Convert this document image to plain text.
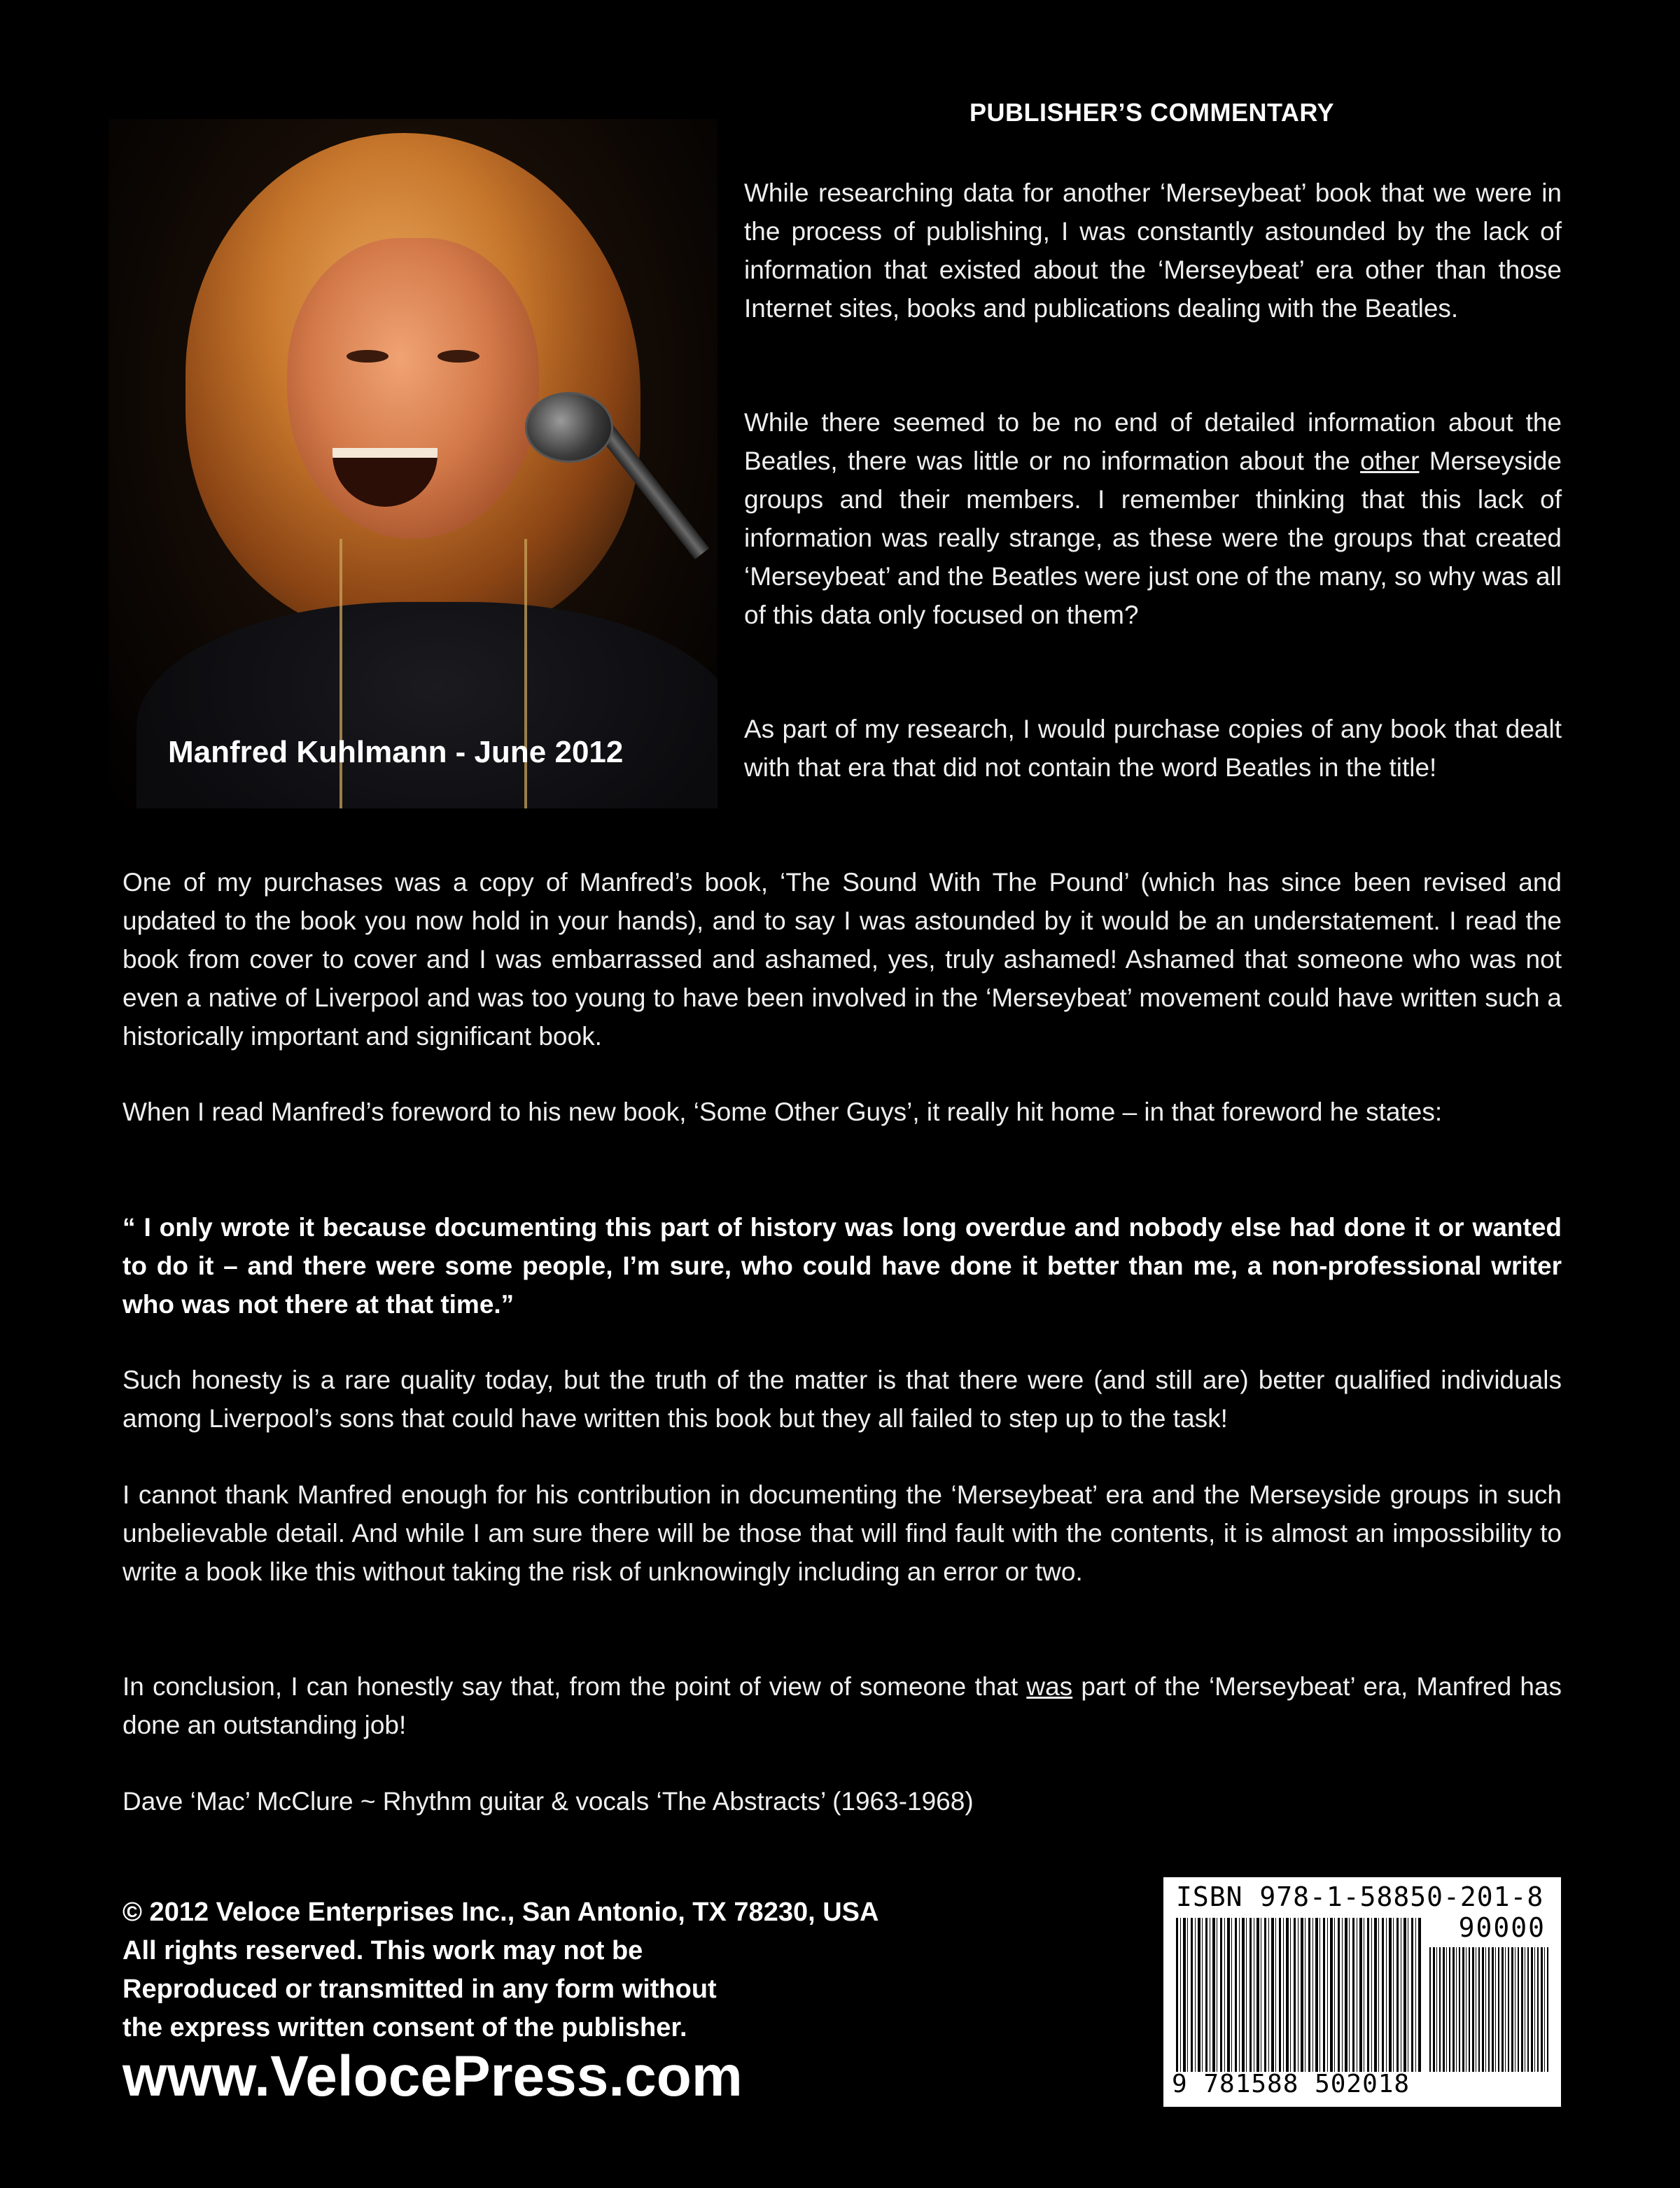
Manfred Kuhlmann - June 2012
PUBLISHER’S COMMENTARY

While researching data for another ‘Merseybeat’ book that we were in the process of publishing, I was constantly astounded by the lack of information that existed about the ‘Merseybeat’ era other than those Internet sites, books and publications dealing with the Beatles.

While there seemed to be no end of detailed information about the Beatles, there was little or no information about the other Merseyside groups and their members. I remember thinking that this lack of information was really strange, as these were the groups that created ‘Merseybeat’ and the Beatles were just one of the many, so why was all of this data only focused on them?

As part of my research, I would purchase copies of any book that dealt with that era that did not contain the word Beatles in the title!

One of my purchases was a copy of Manfred’s book, ‘The Sound With The Pound’ (which has since been revised and updated to the book you now hold in your hands), and to say I was astounded by it would be an understatement. I read the book from cover to cover and I was embarrassed and ashamed, yes, truly ashamed! Ashamed that someone who was not even a native of Liverpool and was too young to have been involved in the ‘Merseybeat’ movement could have written such a historically important and significant book.

When I read Manfred’s foreword to his new book, ‘Some Other Guys’, it really hit home – in that foreword he states:

“ I only wrote it because documenting this part of history was long overdue and nobody else had done it or wanted to do it – and there were some people, I’m sure, who could have done it better than me, a non-professional writer who was not there at that time.”

Such honesty is a rare quality today, but the truth of the matter is that there were (and still are) better qualified individuals among Liverpool’s sons that could have written this book but they all failed to step up to the task!

I cannot thank Manfred enough for his contribution in documenting the ‘Merseybeat’ era and the Merseyside groups in such unbelievable detail. And while I am sure there will be those that will find fault with the contents, it is almost an impossibility to write a book like this without taking the risk of unknowingly including an error or two.

In conclusion, I can honestly say that, from the point of view of someone that was part of the ‘Merseybeat’ era, Manfred has done an outstanding job!

Dave ‘Mac’ McClure ~ Rhythm guitar & vocals ‘The Abstracts’ (1963-1968)

© 2012 Veloce Enterprises Inc., San Antonio, TX 78230, USA
All rights reserved. This work may not be
Reproduced or transmitted in any form without
the express written consent of the publisher.
www.VelocePress.com
ISBN 978-1-58850-201-8
90000
9 781588 502018
